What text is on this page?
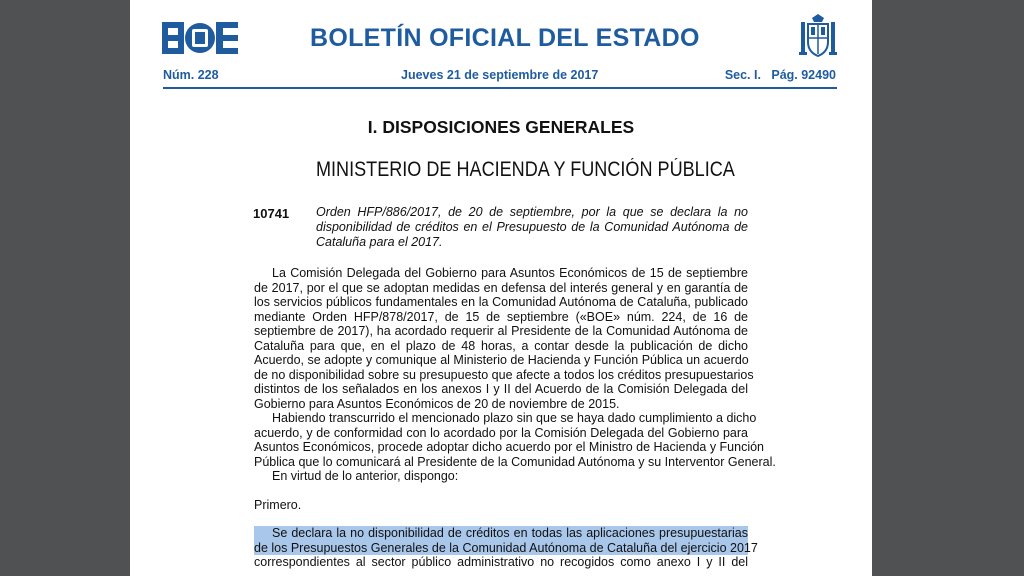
BOLETÍN OFICIAL DEL ESTADO
Núm. 228	Jueves 21 de septiembre de 2017	Sec. I.   Pág. 92490
I. DISPOSICIONES GENERALES
MINISTERIO DE HACIENDA Y FUNCIÓN PÚBLICA
10741 Orden HFP/886/2017, de 20 de septiembre, por la que se declara la no
disponibilidad de créditos en el Presupuesto de la Comunidad Autónoma de
Cataluña para el 2017.
La Comisión Delegada del Gobierno para Asuntos Económicos de 15 de septiembre
de 2017, por el que se adoptan medidas en defensa del interés general y en garantía de
los servicios públicos fundamentales en la Comunidad Autónoma de Cataluña, publicado
mediante Orden HFP/878/2017, de 15 de septiembre («BOE» núm. 224, de 16 de
septiembre de 2017), ha acordado requerir al Presidente de la Comunidad Autónoma de
Cataluña para que, en el plazo de 48 horas, a contar desde la publicación de dicho
Acuerdo, se adopte y comunique al Ministerio de Hacienda y Función Pública un acuerdo
de no disponibilidad sobre su presupuesto que afecte a todos los créditos presupuestarios
distintos de los señalados en los anexos I y II del Acuerdo de la Comisión Delegada del
Gobierno para Asuntos Económicos de 20 de noviembre de 2015.
Habiendo transcurrido el mencionado plazo sin que se haya dado cumplimiento a dicho
acuerdo, y de conformidad con lo acordado por la Comisión Delegada del Gobierno para
Asuntos Económicos, procede adoptar dicho acuerdo por el Ministro de Hacienda y Función
Pública que lo comunicará al Presidente de la Comunidad Autónoma y su Interventor General.
En virtud de lo anterior, dispongo:
Primero.
Se declara la no disponibilidad de créditos en todas las aplicaciones presupuestarias
de los Presupuestos Generales de la Comunidad Autónoma de Cataluña del ejercicio 2017
correspondientes al sector público administrativo no recogidos como anexo I y II del
